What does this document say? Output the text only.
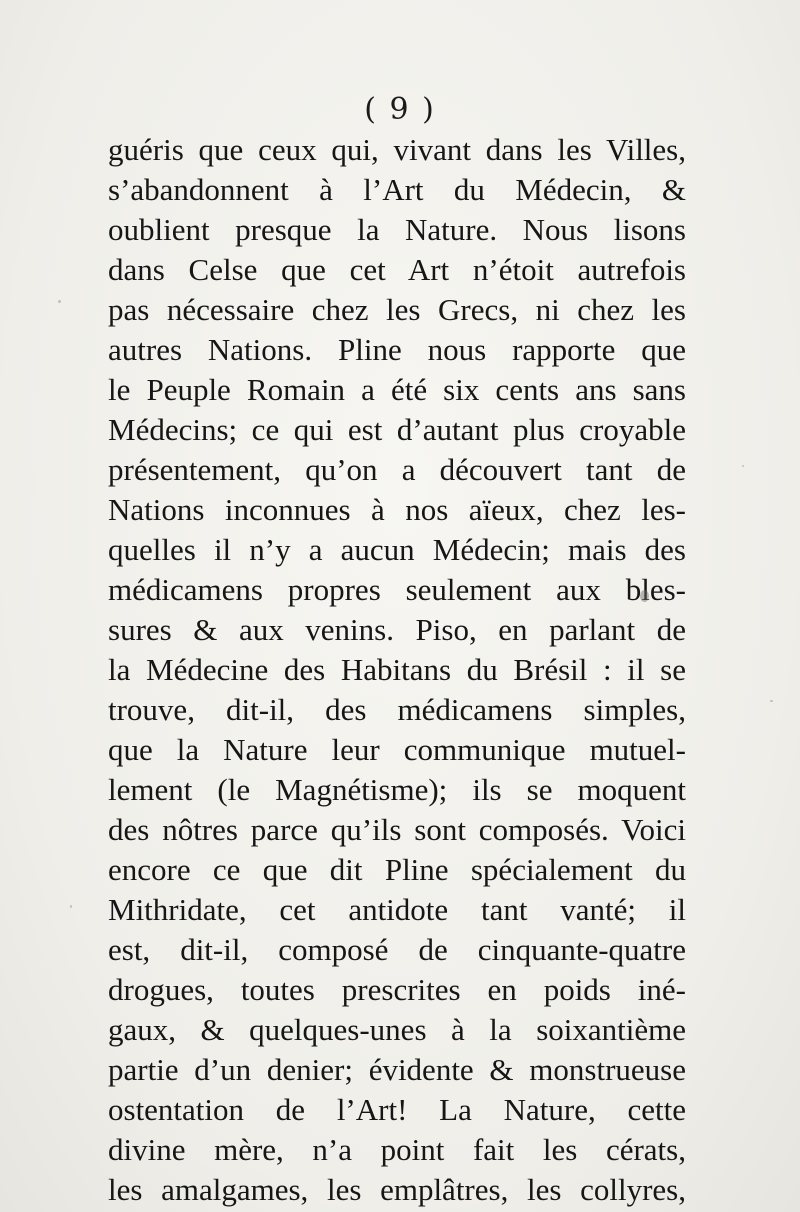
( 9 )
guéris que ceux qui, vivant dans les Villes,
s’abandonnent à l’Art du Médecin, &
oublient presque la Nature. Nous lisons
dans Celse que cet Art n’étoit autrefois
pas nécessaire chez les Grecs, ni chez les
autres Nations. Pline nous rapporte que
le Peuple Romain a été six cents ans sans
Médecins; ce qui est d’autant plus croyable
présentement, qu’on a découvert tant de
Nations inconnues à nos aïeux, chez les-
quelles il n’y a aucun Médecin; mais des
médicamens propres seulement aux bles-
sures & aux venins. Piso, en parlant de
la Médecine des Habitans du Brésil : il se
trouve, dit-il, des médicamens simples,
que la Nature leur communique mutuel-
lement (le Magnétisme); ils se moquent
des nôtres parce qu’ils sont composés. Voici
encore ce que dit Pline spécialement du
Mithridate, cet antidote tant vanté; il
est, dit-il, composé de cinquante-quatre
drogues, toutes prescrites en poids iné-
gaux, & quelques-unes à la soixantième
partie d’un denier; évidente & monstrueuse
ostentation de l’Art! La Nature, cette
divine mère, n’a point fait les cérats,
les amalgames, les emplâtres, les collyres,
